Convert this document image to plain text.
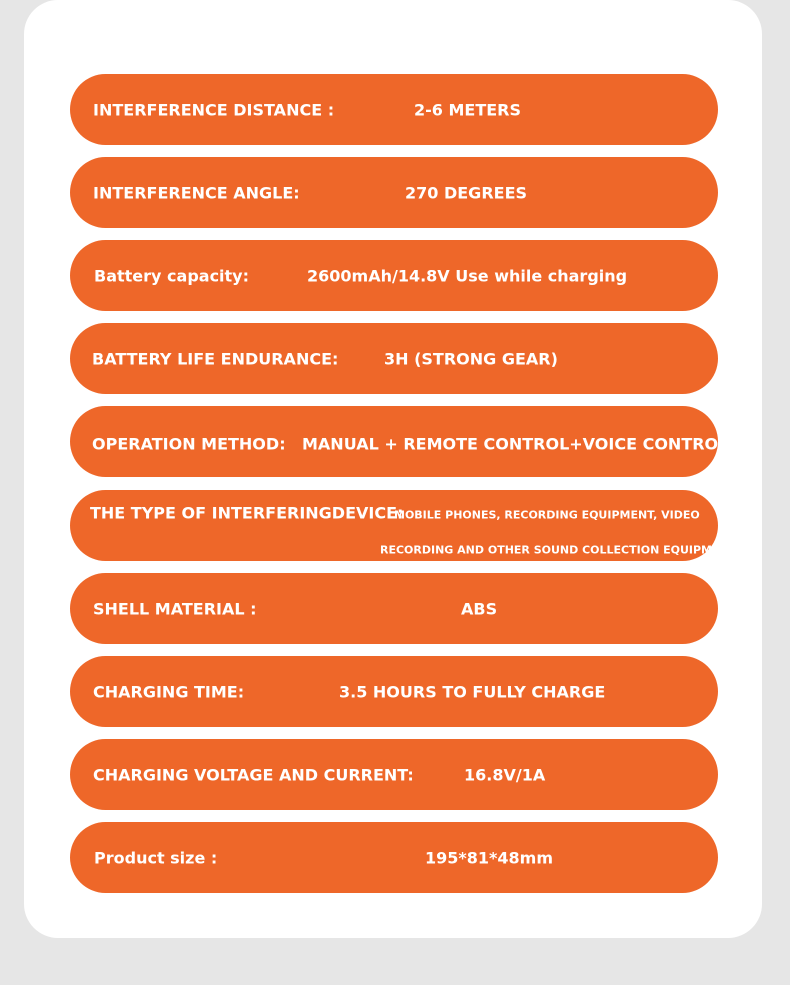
INTERFERENCE DISTANCE :	2-6 METERS
INTERFERENCE ANGLE:	270 DEGREES
Battery capacity:	2600mAh/14.8V Use while charging
BATTERY LIFE ENDURANCE:	3H (STRONG GEAR)
OPERATION METHOD: MANUAL + REMOTE CONTROL+VOICE CONTROL
THE TYPE OF INTERFERINGDEVICE:
MOBILE PHONES, RECORDING EQUIPMENT, VIDEO
RECORDING AND OTHER SOUND COLLECTION EQUIPMENT
SHELL MATERIAL :	ABS
CHARGING TIME:	3.5 HOURS TO FULLY CHARGE
CHARGING VOLTAGE AND CURRENT:	16.8V/1A
Product size :	195*81*48mm
